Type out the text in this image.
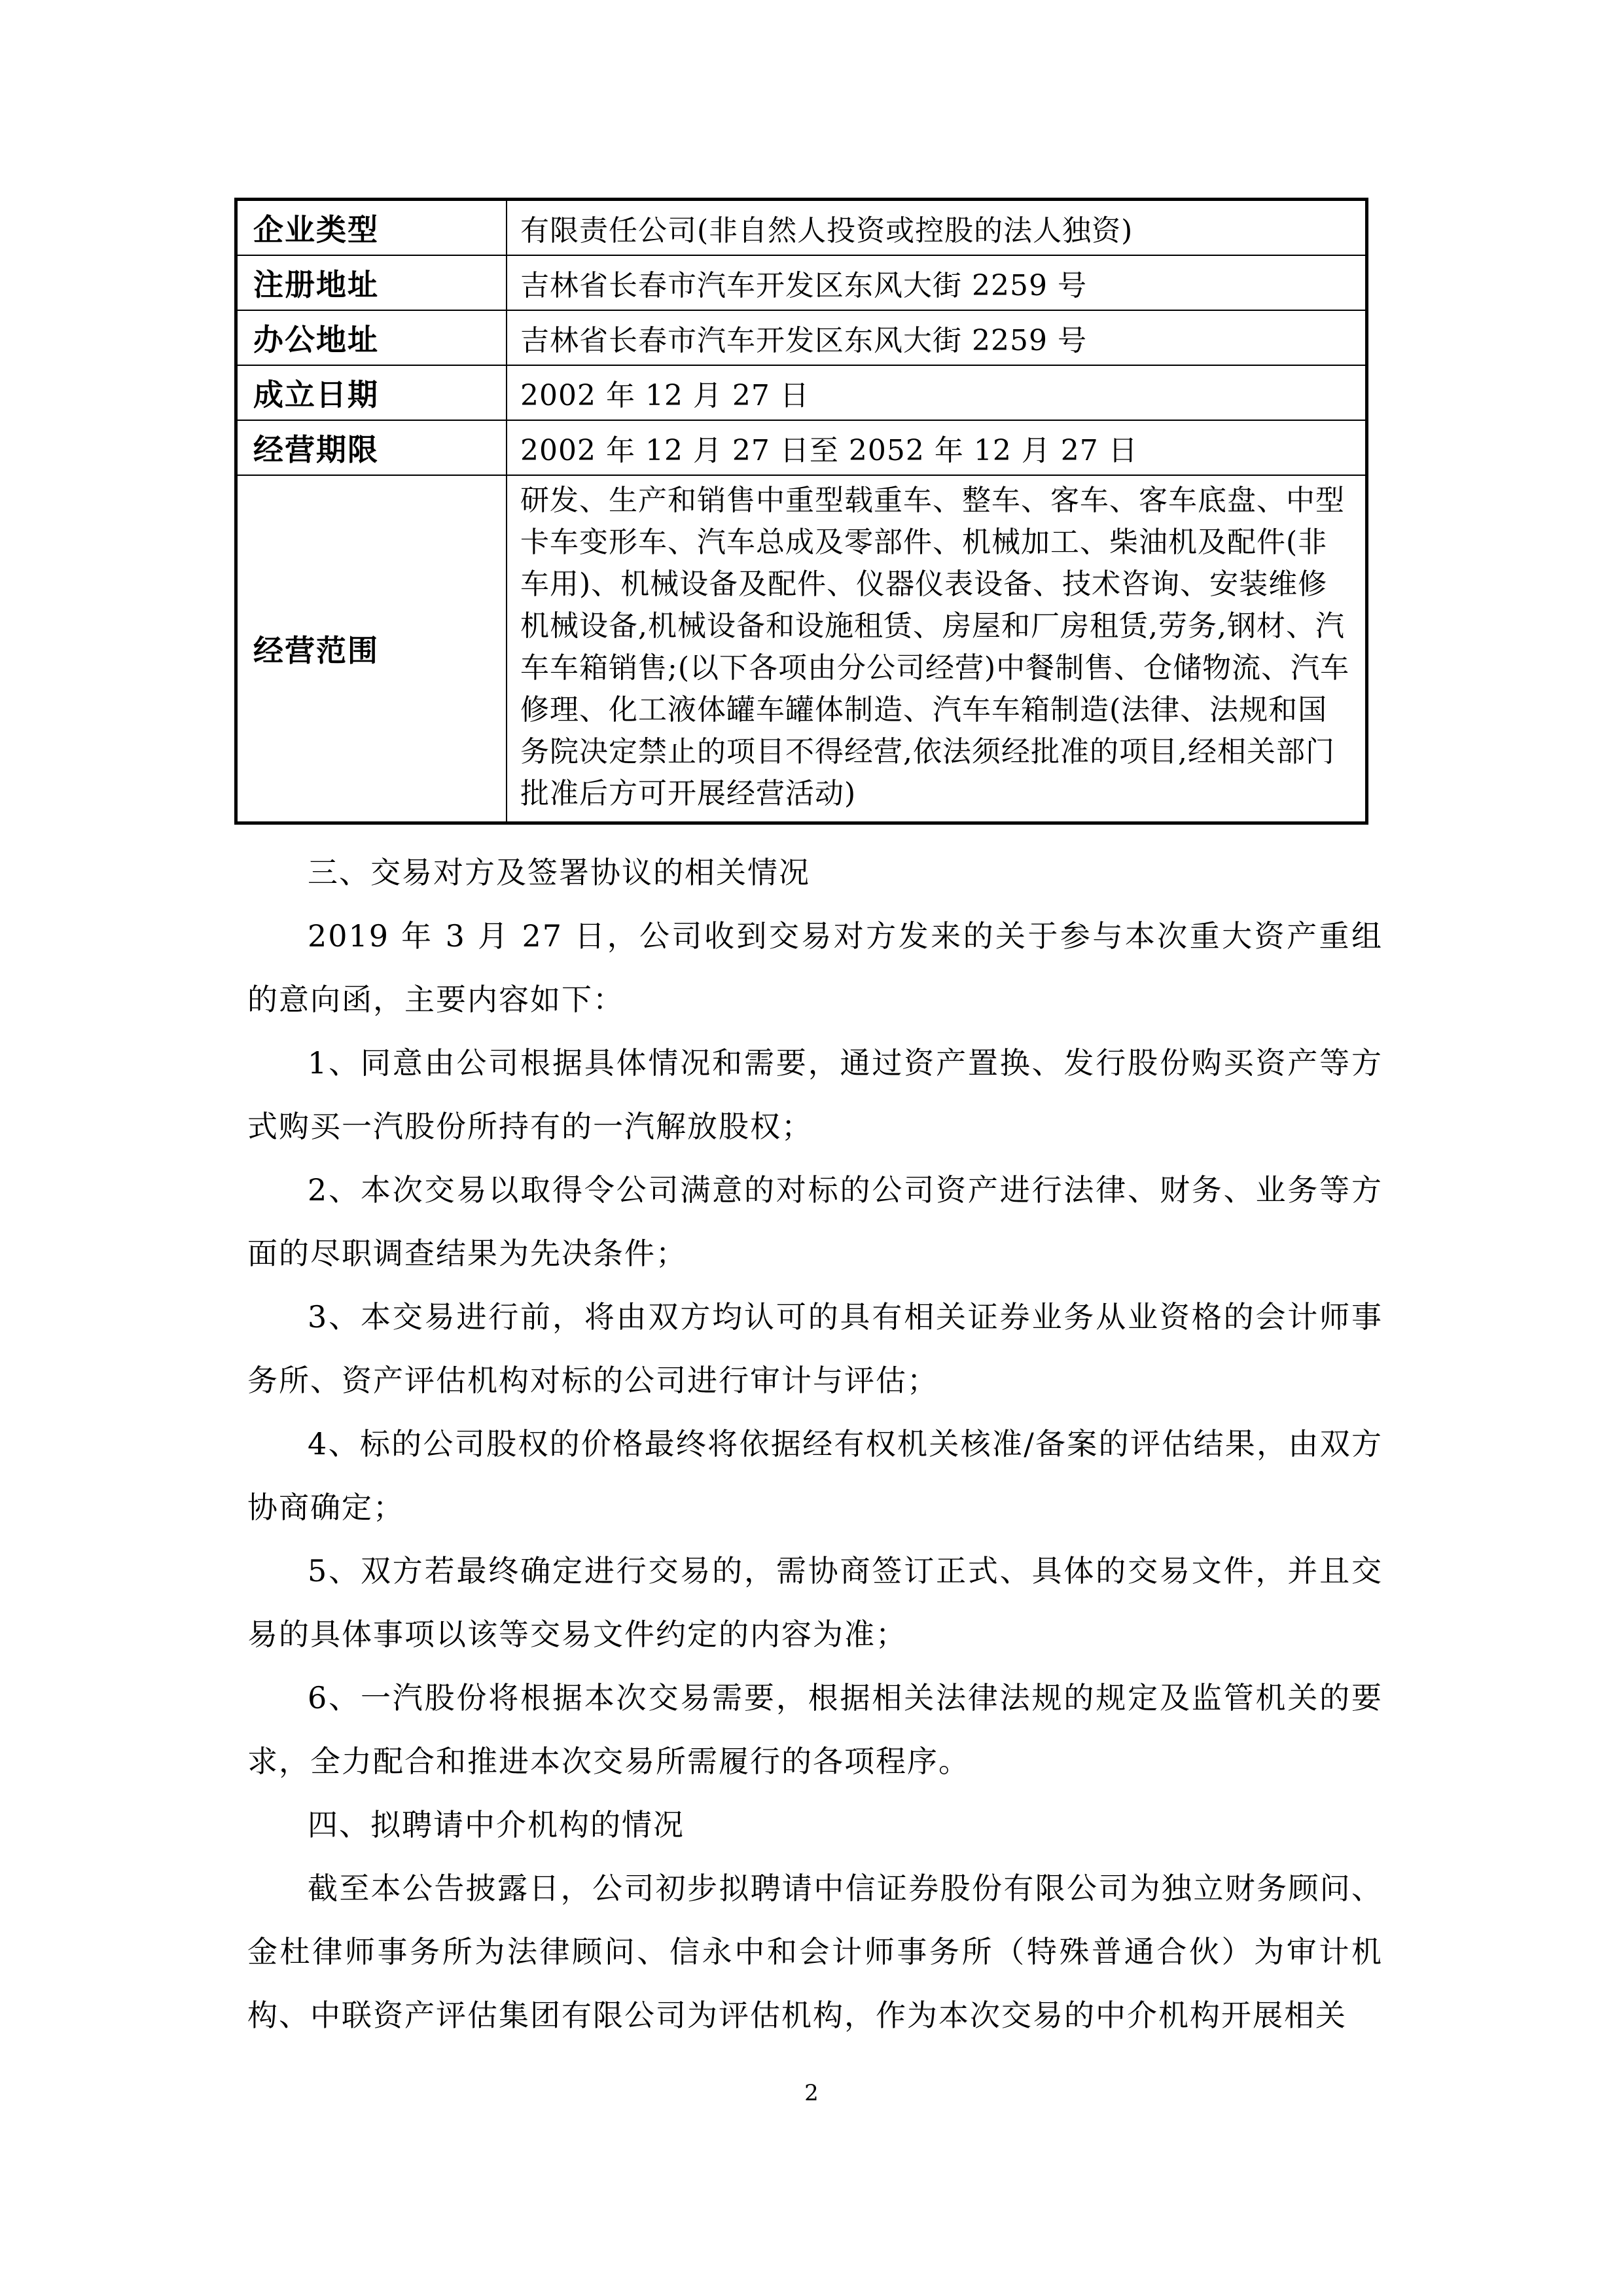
企业类型	有限责任公司(非自然人投资或控股的法人独资)
注册地址	吉林省长春市汽车开发区东风大街 2259 号
办公地址	吉林省长春市汽车开发区东风大街 2259 号
成立日期	2002 年 12 月 27 日
经营期限	2002 年 12 月 27 日至 2052 年 12 月 27 日
经营范围	研发、生产和销售中重型载重车、整车、客车、客车底盘、中型卡车变形车、汽车总成及零部件、机械加工、柴油机及配件(非车用)、机械设备及配件、仪器仪表设备、技术咨询、安装维修机械设备,机械设备和设施租赁、房屋和厂房租赁,劳务,钢材、汽车车箱销售;(以下各项由分公司经营)中餐制售、仓储物流、汽车修理、化工液体罐车罐体制造、汽车车箱制造(法律、法规和国务院决定禁止的项目不得经营,依法须经批准的项目,经相关部门批准后方可开展经营活动)

三、交易对方及签署协议的相关情况

2019 年 3 月 27 日，公司收到交易对方发来的关于参与本次重大资产重组的意向函，主要内容如下：

1、同意由公司根据具体情况和需要，通过资产置换、发行股份购买资产等方式购买一汽股份所持有的一汽解放股权；

2、本次交易以取得令公司满意的对标的公司资产进行法律、财务、业务等方面的尽职调查结果为先决条件；

3、本交易进行前，将由双方均认可的具有相关证券业务从业资格的会计师事务所、资产评估机构对标的公司进行审计与评估；

4、标的公司股权的价格最终将依据经有权机关核准/备案的评估结果，由双方协商确定；

5、双方若最终确定进行交易的，需协商签订正式、具体的交易文件，并且交易的具体事项以该等交易文件约定的内容为准；

6、一汽股份将根据本次交易需要，根据相关法律法规的规定及监管机关的要求，全力配合和推进本次交易所需履行的各项程序。

四、拟聘请中介机构的情况

截至本公告披露日，公司初步拟聘请中信证券股份有限公司为独立财务顾问、金杜律师事务所为法律顾问、信永中和会计师事务所（特殊普通合伙）为审计机构、中联资产评估集团有限公司为评估机构，作为本次交易的中介机构开展相关

2
